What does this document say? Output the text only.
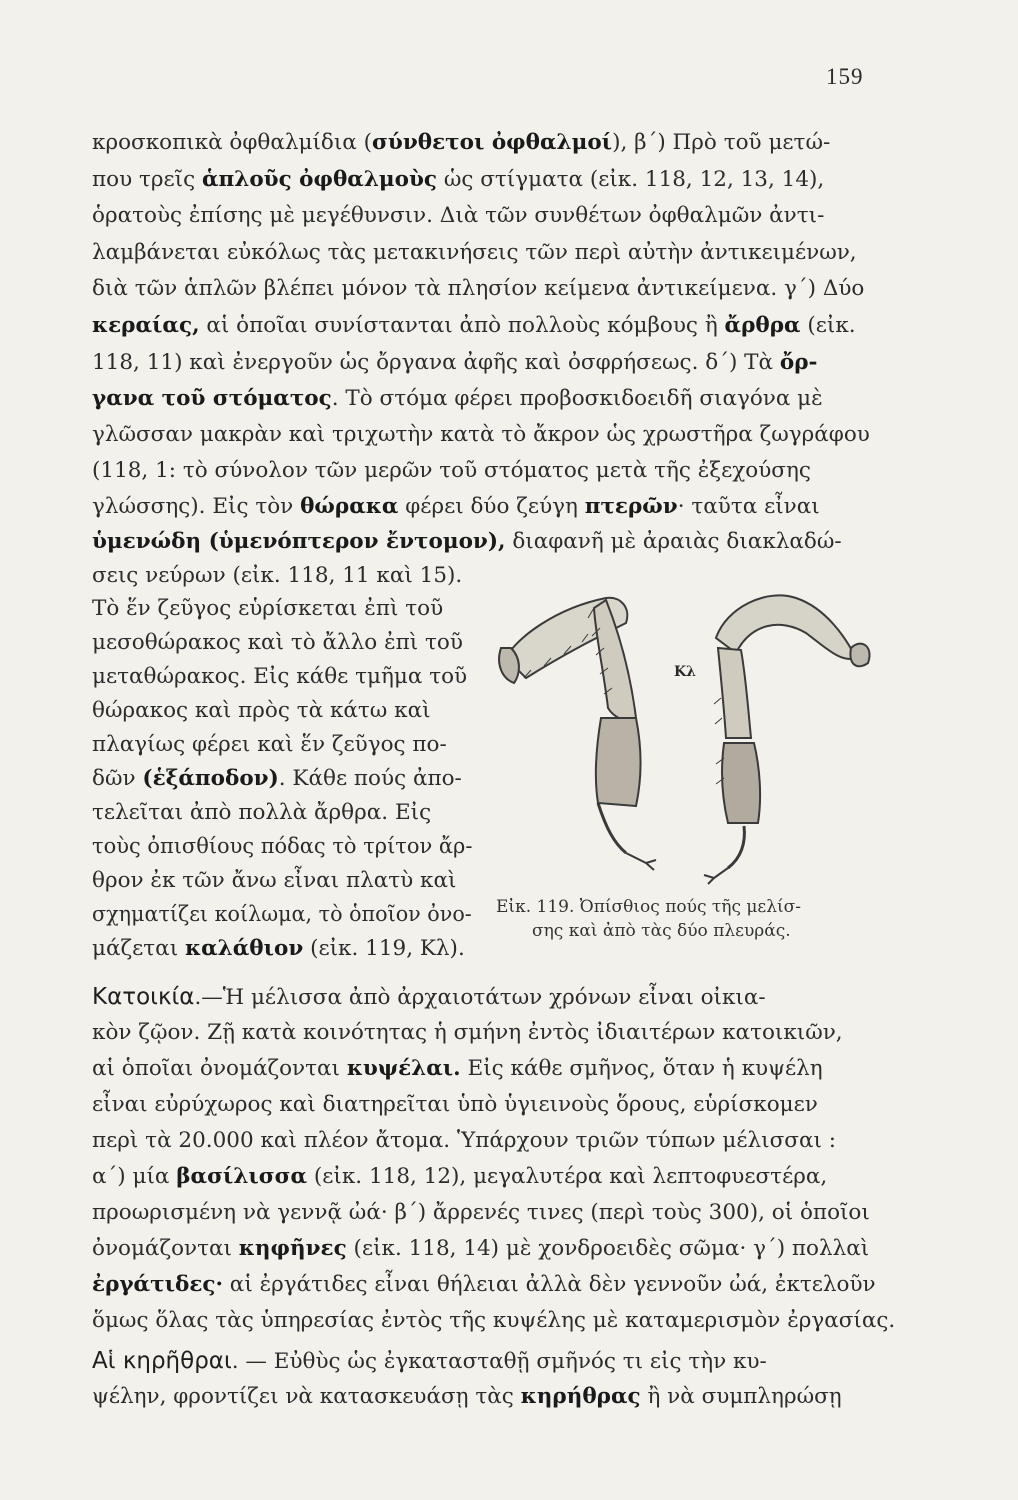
159
κροσκοπικὰ ὀφθαλμίδια (σύνθετοι ὀφθαλμοί), β΄) Πρὸ τοῦ μετώ-
που τρεῖς ἁπλοῦς ὀφθαλμοὺς ὡς στίγματα (εἰκ. 118, 12, 13, 14),
ὁρατοὺς ἐπίσης μὲ μεγέθυνσιν. Διὰ τῶν συνθέτων ὀφθαλμῶν ἀντι-
λαμβάνεται εὐκόλως τὰς μετακινήσεις τῶν περὶ αὐτὴν ἀντικειμένων,
διὰ τῶν ἁπλῶν βλέπει μόνον τὰ πλησίον κείμενα ἀντικείμενα. γ΄) Δύο
κεραίας, αἱ ὁποῖαι συνίστανται ἀπὸ πολλοὺς κόμβους ἢ ἄρθρα (εἰκ.
118, 11) καὶ ἐνεργοῦν ὡς ὄργανα ἀφῆς καὶ ὀσφρήσεως. δ΄) Τὰ ὄρ-
γανα τοῦ στόματος. Τὸ στόμα φέρει προβοσκιδοειδῆ σιαγόνα μὲ
γλῶσσαν μακρὰν καὶ τριχωτὴν κατὰ τὸ ἄκρον ὡς χρωστῆρα ζωγράφου
(118, 1: τὸ σύνολον τῶν μερῶν τοῦ στόματος μετὰ τῆς ἐξεχούσης
γλώσσης). Εἰς τὸν θώρακα φέρει δύο ζεύγη πτερῶν· ταῦτα εἶναι
ὑμενώδη (ὑμενόπτερον ἔντομον), διαφανῆ μὲ ἀραιὰς διακλαδώ-
σεις νεύρων (εἰκ. 118, 11 καὶ 15).
Τὸ ἕν ζεῦγος εὑρίσκεται ἐπὶ τοῦ
μεσοθώρακος καὶ τὸ ἄλλο ἐπὶ τοῦ
μεταθώρακος. Εἰς κάθε τμῆμα τοῦ
θώρακος καὶ πρὸς τὰ κάτω καὶ
πλαγίως φέρει καὶ ἕν ζεῦγος πο-
δῶν (ἑξάποδον). Κάθε πούς ἀπο-
τελεῖται ἀπὸ πολλὰ ἄρθρα. Εἰς
τοὺς ὀπισθίους πόδας τὸ τρίτον ἄρ-
θρον ἐκ τῶν ἄνω εἶναι πλατὺ καὶ
σχηματίζει κοίλωμα, τὸ ὁποῖον ὀνο-
μάζεται καλάθιον (εἰκ. 119, Κλ).
Κατοικία.—Ἡ μέλισσα ἀπὸ ἀρχαιοτάτων χρόνων εἶναι οἰκια-
κὸν ζῷον. Ζῇ κατὰ κοινότητας ἡ σμήνη ἐντὸς ἰδιαιτέρων κατοικιῶν,
αἱ ὁποῖαι ὀνομάζονται κυψέλαι. Εἰς κάθε σμῆνος, ὅταν ἡ κυψέλη
εἶναι εὐρύχωρος καὶ διατηρεῖται ὑπὸ ὑγιεινοὺς ὅρους, εὑρίσκομεν
περὶ τὰ 20.000 καὶ πλέον ἄτομα. Ὑπάρχουν τριῶν τύπων μέλισσαι :
α΄) μία βασίλισσα (εἰκ. 118, 12), μεγαλυτέρα καὶ λεπτοφυεστέρα,
προωρισμένη νὰ γεννᾷ ὠά· β΄) ἄρρενές τινες (περὶ τοὺς 300), οἱ ὁποῖοι
ὀνομάζονται κηφῆνες (εἰκ. 118, 14) μὲ χονδροειδὲς σῶμα· γ΄) πολλαὶ
ἐργάτιδες· αἱ ἐργάτιδες εἶναι θήλειαι ἀλλὰ δὲν γεννοῦν ὠά, ἐκτελοῦν
ὅμως ὅλας τὰς ὑπηρεσίας ἐντὸς τῆς κυψέλης μὲ καταμερισμὸν ἐργασίας.
Αἱ κηρῆθραι. — Εὐθὺς ὡς ἐγκατασταθῇ σμῆνός τι εἰς τὴν κυ-
ψέλην, φροντίζει νὰ κατασκευάσῃ τὰς κηρήθρας ἢ νὰ συμπληρώσῃ
Κλ
Εἰκ. 119. Ὀπίσθιος πούς τῆς μελίσ-
σης καὶ ἀπὸ τὰς δύο πλευράς.
